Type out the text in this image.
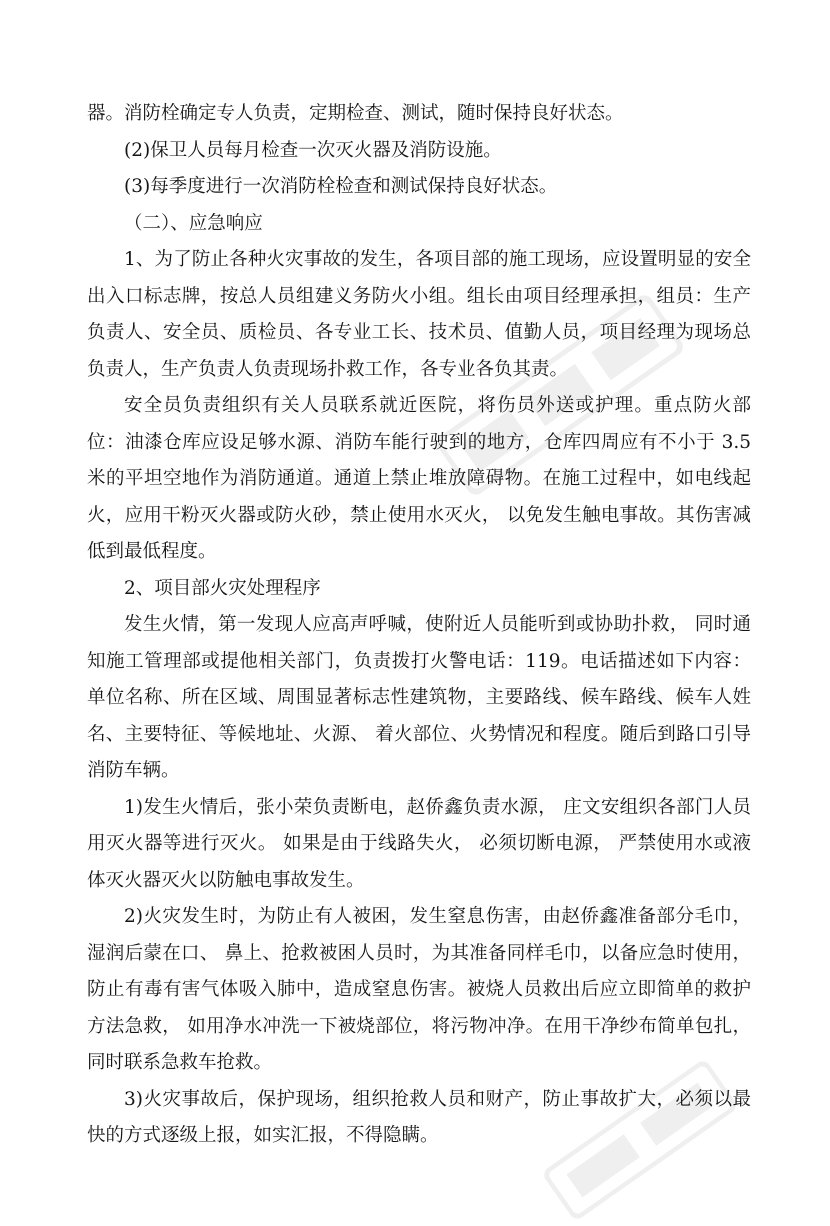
器。消防栓确定专人负责，定期检查、测试，随时保持良好状态。

(2)保卫人员每月检查一次灭火器及消防设施。

(3)每季度进行一次消防栓检查和测试保持良好状态。

（二）、应急响应

1、为了防止各种火灾事故的发生，各项目部的施工现场，应设置明显的安全出入口标志牌，按总人员组建义务防火小组。组长由项目经理承担，组员：生产负责人、安全员、质检员、各专业工长、技术员、值勤人员，项目经理为现场总负责人，生产负责人负责现场扑救工作，各专业各负其责。

安全员负责组织有关人员联系就近医院，将伤员外送或护理。重点防火部位：油漆仓库应设足够水源、消防车能行驶到的地方，仓库四周应有不小于 3.5 米的平坦空地作为消防通道。通道上禁止堆放障碍物。在施工过程中，如电线起火，应用干粉灭火器或防火砂，禁止使用水灭火， 以免发生触电事故。其伤害减低到最低程度。

2、项目部火灾处理程序

发生火情，第一发现人应高声呼喊，使附近人员能听到或协助扑救， 同时通知施工管理部或提他相关部门，负责拨打火警电话：119。电话描述如下内容：单位名称、所在区域、周围显著标志性建筑物，主要路线、候车路线、候车人姓名、主要特征、等候地址、火源、 着火部位、火势情况和程度。随后到路口引导消防车辆。

1)发生火情后，张小荣负责断电，赵侨鑫负责水源， 庄文安组织各部门人员用灭火器等进行灭火。 如果是由于线路失火， 必须切断电源， 严禁使用水或液体灭火器灭火以防触电事故发生。

2)火灾发生时，为防止有人被困，发生窒息伤害，由赵侨鑫准备部分毛巾，湿润后蒙在口、 鼻上、抢救被困人员时，为其准备同样毛巾，以备应急时使用，防止有毒有害气体吸入肺中，造成窒息伤害。被烧人员救出后应立即简单的救护方法急救， 如用净水冲洗一下被烧部位，将污物冲净。在用干净纱布简单包扎，同时联系急救车抢救。

3)火灾事故后，保护现场，组织抢救人员和财产，防止事故扩大，必须以最快的方式逐级上报，如实汇报，不得隐瞒。
